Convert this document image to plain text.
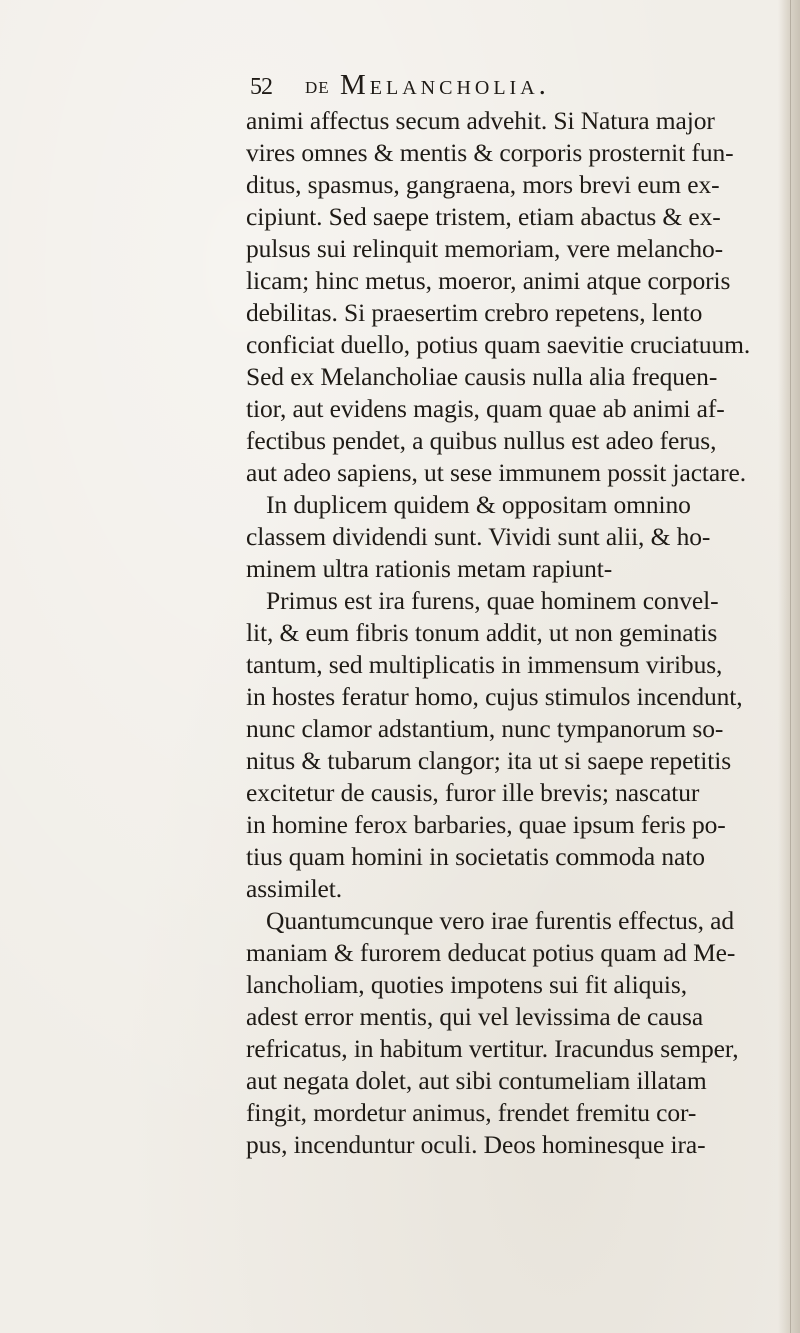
52 DE Melancholia.
animi affectus secum advehit. Si Natura major
vires omnes & mentis & corporis prosternit fun-
ditus, spasmus, gangraena, mors brevi eum ex-
cipiunt. Sed saepe tristem, etiam abactus & ex-
pulsus sui relinquit memoriam, vere melancho-
licam; hinc metus, moeror, animi atque corporis
debilitas. Si praesertim crebro repetens, lento
conficiat duello, potius quam saevitie cruciatuum.
Sed ex Melancholiae causis nulla alia frequen-
tior, aut evidens magis, quam quae ab animi af-
fectibus pendet, a quibus nullus est adeo ferus,
aut adeo sapiens, ut sese immunem possit jactare.
In duplicem quidem & oppositam omnino
classem dividendi sunt. Vividi sunt alii, & ho-
minem ultra rationis metam rapiunt-
Primus est ira furens, quae hominem convel-
lit, & eum fibris tonum addit, ut non geminatis
tantum, sed multiplicatis in immensum viribus,
in hostes feratur homo, cujus stimulos incendunt,
nunc clamor adstantium, nunc tympanorum so-
nitus & tubarum clangor; ita ut si saepe repetitis
excitetur de causis, furor ille brevis; nascatur
in homine ferox barbaries, quae ipsum feris po-
tius quam homini in societatis commoda nato
assimilet.
Quantumcunque vero irae furentis effectus, ad
maniam & furorem deducat potius quam ad Me-
lancholiam, quoties impotens sui fit aliquis,
adest error mentis, qui vel levissima de causa
refricatus, in habitum vertitur. Iracundus semper,
aut negata dolet, aut sibi contumeliam illatam
fingit, mordetur animus, frendet fremitu cor-
pus, incenduntur oculi. Deos hominesque ira-
